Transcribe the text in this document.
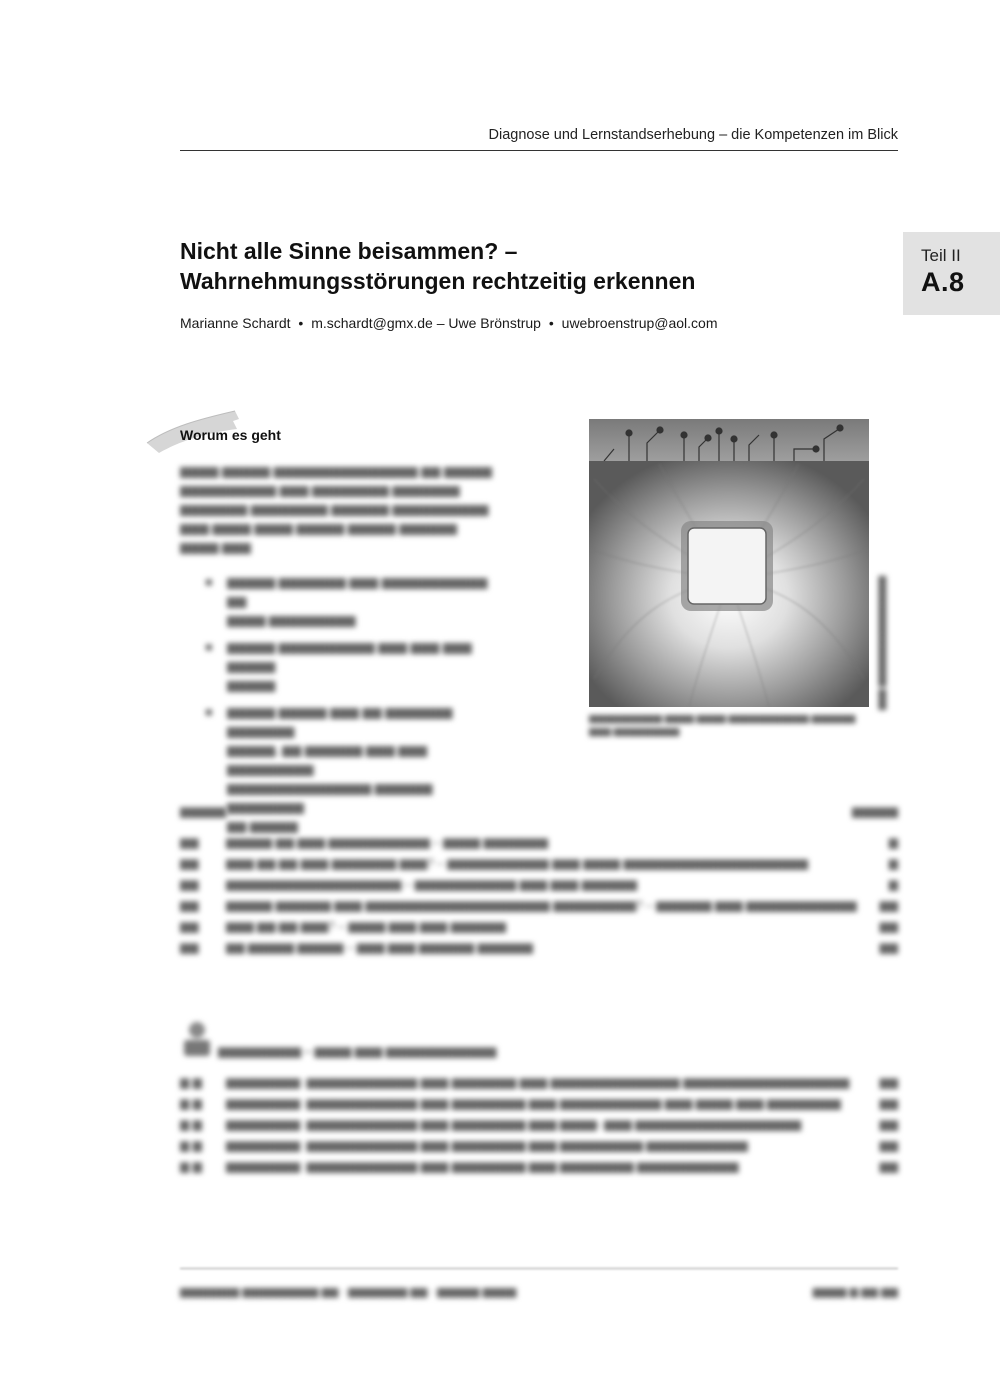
Diagnose und Lernstandserhebung – die Kompetenzen im Blick
Teil II
A.8
Nicht alle Sinne beisammen? –
Wahrnehmungsstörungen rechtzeitig erkennen
Marianne Schardt • m.schardt@gmx.de – Uwe Brönstrup • uwebroenstrup@aol.com
Worum es geht
▆▆▆▆ ▆▆▆▆▆ ▆▆▆▆▆▆▆▆▆▆▆▆▆▆▆ ▆▆ ▆▆▆▆▆
▆▆▆▆▆▆▆▆▆▆ ▆▆▆ ▆▆▆▆▆▆▆▆ ▆▆▆▆▆▆▆
▆▆▆▆▆▆▆ ▆▆▆▆▆▆▆▆ ▆▆▆▆▆▆ ▆▆▆▆▆▆▆▆▆▆
▆▆▆ ▆▆▆▆ ▆▆▆▆ ▆▆▆▆▆ ▆▆▆▆▆ ▆▆▆▆▆▆
▆▆▆▆ ▆▆▆
■	▆▆▆▆▆ ▆▆▆▆▆▆▆ ▆▆▆ ▆▆▆▆▆▆▆▆▆▆▆ ▆▆
▆▆▆▆ ▆▆▆▆▆▆▆▆▆
■	▆▆▆▆▆ ▆▆▆▆▆▆▆▆▆▆ ▆▆▆ ▆▆▆ ▆▆▆ ▆▆▆▆▆
▆▆▆▆▆
■	▆▆▆▆▆ ▆▆▆▆▆ ▆▆▆ ▆▆ ▆▆▆▆▆▆▆ ▆▆▆▆▆▆▆
▆▆▆▆▆, ▆▆ ▆▆▆▆▆▆ ▆▆▆ ▆▆▆ ▆▆▆▆▆▆▆▆▆
▆▆▆▆▆▆▆▆▆▆▆▆▆▆▆ ▆▆▆▆▆▆ ▆▆▆▆▆▆▆▆
▆▆ ▆▆▆▆▆
▆▆▆ ▆▆▆▆▆▆▆▆▆▆▆▆▆▆▆▆
▆▆▆▆▆▆▆▆▆▆ ▆▆▆▆ ▆▆▆▆ ▆▆▆▆▆▆▆▆▆▆▆ ▆▆▆▆▆▆
▆▆▆ ▆▆▆▆▆▆▆▆▆
▆▆▆▆▆	▆▆▆▆▆
▆▆	▆▆▆▆▆ ▆▆ ▆▆▆ ▆▆▆▆▆▆▆▆▆▆▆ – ▆▆▆▆ ▆▆▆▆▆▆▆	▆
▆▆	▆▆▆ ▆▆ ▆▆ ▆▆▆ ▆▆▆▆▆▆▆ ▆▆▆? – ▆▆▆▆▆▆▆▆▆▆▆ ▆▆▆ ▆▆▆▆ ▆▆▆▆▆▆▆▆▆▆▆▆▆▆▆▆▆▆▆▆	▆
▆▆	▆▆▆▆▆▆▆▆▆▆▆▆▆▆▆▆▆▆▆ – ▆▆▆▆▆▆▆▆▆▆▆ ▆▆▆ ▆▆▆ ▆▆▆▆▆▆	▆
▆▆	▆▆▆▆▆ ▆▆▆▆▆▆ ▆▆▆ ▆▆▆▆▆▆▆▆▆▆▆▆▆▆▆▆▆▆▆▆ ▆▆▆▆▆▆▆▆▆? – ▆▆▆▆▆▆ ▆▆▆ ▆▆▆▆▆▆▆▆▆▆▆▆	▆▆
▆▆	▆▆▆ ▆▆ ▆▆ ▆▆▆? – ▆▆▆▆ ▆▆▆ ▆▆▆ ▆▆▆▆▆▆	▆▆
▆▆	▆▆ ▆▆▆▆▆ ▆▆▆▆▆ – ▆▆▆ ▆▆▆ ▆▆▆▆▆▆ ▆▆▆▆▆▆	▆▆
▆▆▆▆▆▆▆▆▆ – ▆▆▆▆ ▆▆▆ ▆▆▆▆▆▆▆▆▆▆▆▆
▆ ▆	▆▆▆▆▆▆▆▆: ▆▆▆▆▆▆▆▆▆▆▆▆ ▆▆▆ ▆▆▆▆▆▆▆ ▆▆▆ ▆▆▆▆▆▆▆▆▆▆▆▆▆▆ ▆▆▆▆▆▆▆▆▆▆▆▆▆▆▆▆▆▆	▆▆
▆ ▆	▆▆▆▆▆▆▆▆: ▆▆▆▆▆▆▆▆▆▆▆▆ ▆▆▆ ▆▆▆▆▆▆▆▆ ▆▆▆ ▆▆▆▆▆▆▆▆▆▆▆ ▆▆▆ ▆▆▆▆ ▆▆▆ ▆▆▆▆▆▆▆▆	▆▆
▆ ▆	▆▆▆▆▆▆▆▆: ▆▆▆▆▆▆▆▆▆▆▆▆ ▆▆▆ ▆▆▆▆▆▆▆▆ ▆▆▆ ▆▆▆▆- ▆▆▆ ▆▆▆▆▆▆▆▆▆▆▆▆▆▆▆▆▆▆	▆▆
▆ ▆	▆▆▆▆▆▆▆▆: ▆▆▆▆▆▆▆▆▆▆▆▆ ▆▆▆ ▆▆▆▆▆▆▆▆ ▆▆▆ ▆▆▆▆▆▆▆▆▆ ▆▆▆▆▆▆▆▆▆▆▆	▆▆
▆ ▆	▆▆▆▆▆▆▆▆: ▆▆▆▆▆▆▆▆▆▆▆▆ ▆▆▆ ▆▆▆▆▆▆▆▆ ▆▆▆ ▆▆▆▆▆▆▆▆ ▆▆▆▆▆▆▆▆▆▆▆	▆▆
▆▆▆▆▆▆▆ ▆▆▆▆▆▆▆▆▆ ▆▆ · ▆▆▆▆▆▆▆ ▆▆ · ▆▆▆▆▆ ▆▆▆▆	▆▆▆▆ ▆ ▆▆ ▆▆
